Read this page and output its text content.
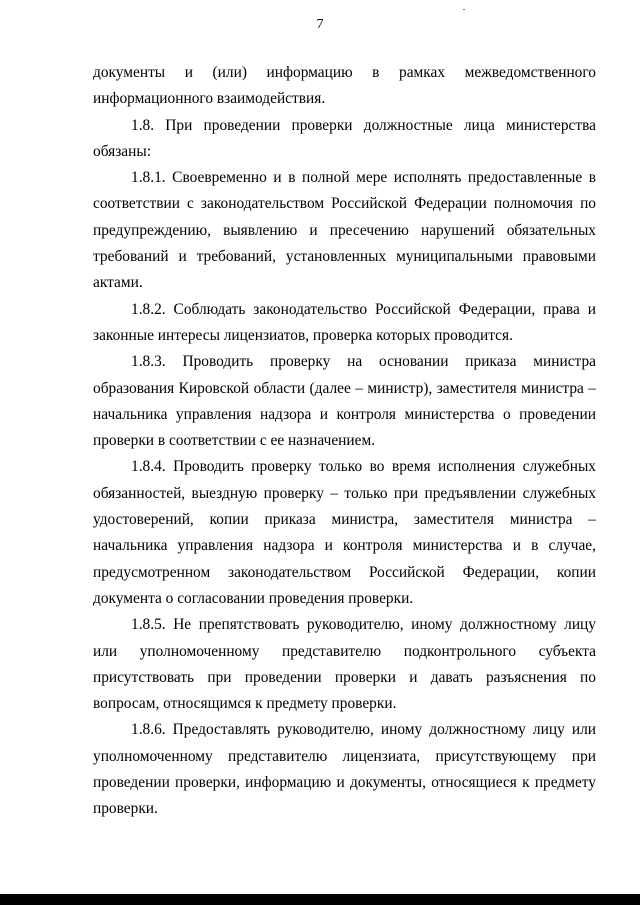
7

документы и (или) информацию в рамках межведомственного информационного взаимодействия.

1.8. При проведении проверки должностные лица министерства обязаны:

1.8.1. Своевременно и в полной мере исполнять предоставленные в соответствии с законодательством Российской Федерации полномочия по предупреждению, выявлению и пресечению нарушений обязательных требований и требований, установленных муниципальными правовыми актами.

1.8.2. Соблюдать законодательство Российской Федерации, права и законные интересы лицензиатов, проверка которых проводится.

1.8.3. Проводить проверку на основании приказа министра образования Кировской области (далее – министр), заместителя министра – начальника управления надзора и контроля министерства о проведении проверки в соответствии с ее назначением.

1.8.4. Проводить проверку только во время исполнения служебных обязанностей, выездную проверку – только при предъявлении служебных удостоверений, копии приказа министра, заместителя министра – начальника управления надзора и контроля министерства и в случае, предусмотренном законодательством Российской Федерации, копии документа о согласовании проведения проверки.

1.8.5. Не препятствовать руководителю, иному должностному лицу или уполномоченному представителю подконтрольного субъекта присутствовать при проведении проверки и давать разъяснения по вопросам, относящимся к предмету проверки.

1.8.6. Предоставлять руководителю, иному должностному лицу или уполномоченному представителю лицензиата, присутствующему при проведении проверки, информацию и документы, относящиеся к предмету проверки.
